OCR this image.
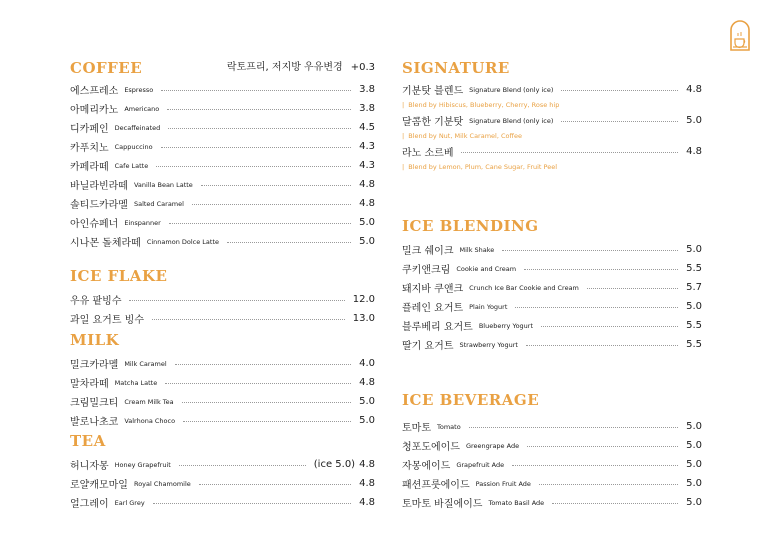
COFFEE	락토프리, 저지방 우유변경 +0.3
에스프레소 Espresso	3.8
아메리카노 Americano	3.8
디카페인 Decaffeinated	4.5
카푸치노 Cappuccino	4.3
카페라떼 Cafe Latte	4.3
바닐라빈라떼 Vanilla Bean Latte	4.8
솔티드카라멜 Salted Caramel	4.8
아인슈페너 Einspanner	5.0
시나몬 돌체라떼 Cinnamon Dolce Latte	5.0
ICE FLAKE
우유 팥빙수	12.0
과일 요거트 빙수	13.0
MILK
밀크카라멜 Milk Caramel	4.0
말차라떼 Matcha Latte	4.8
크림밀크티 Cream Milk Tea	5.0
발로나초코 Valrhona Choco	5.0
TEA
허니자몽 Honey Grapefruit	(ice 5.0) 4.8
로얄캐모마일 Royal Chamomile	4.8
얼그레이 Earl Grey	4.8
SIGNATURE
기분탓 블렌드 Signature Blend (only ice)	4.8
| Blend by Hibiscus, Blueberry, Cherry, Rose hip
달콤한 기분탓 Signature Blend (only ice)	5.0
| Blend by Nut, Milk Caramel, Coffee
라노 소르베	4.8
| Blend by Lemon, Plum, Cane Sugar, Fruit Peel
ICE BLENDING
밀크 쉐이크 Milk Shake	5.0
쿠키앤크림 Cookie and Cream	5.5
돼지바 쿠앤크 Crunch Ice Bar Cookie and Cream	5.7
플레인 요거트 Plain Yogurt	5.0
블루베리 요거트 Blueberry Yogurt	5.5
딸기 요거트 Strawberry Yogurt	5.5
ICE BEVERAGE
토마토 Tomato	5.0
청포도에이드 Greengrape Ade	5.0
자몽에이드 Grapefruit Ade	5.0
패션프룻에이드 Passion Fruit Ade	5.0
토마토 바질에이드 Tomato Basil Ade	5.0
